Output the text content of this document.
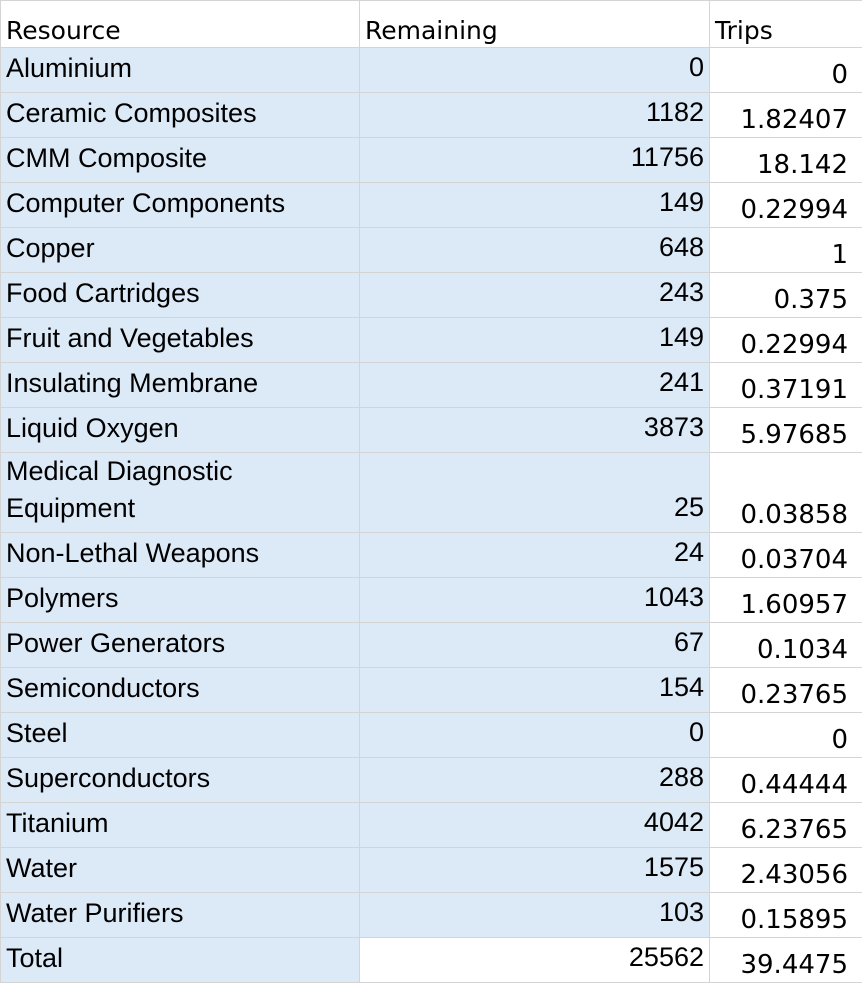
Resource	Remaining	Trips
Aluminium	0	0
Ceramic Composites	1182	1.82407
CMM Composite	11756	18.142
Computer Components	149	0.22994
Copper	648	1
Food Cartridges	243	0.375
Fruit and Vegetables	149	0.22994
Insulating Membrane	241	0.37191
Liquid Oxygen	3873	5.97685
Medical Diagnostic Equipment	25	0.03858
Non-Lethal Weapons	24	0.03704
Polymers	1043	1.60957
Power Generators	67	0.1034
Semiconductors	154	0.23765
Steel	0	0
Superconductors	288	0.44444
Titanium	4042	6.23765
Water	1575	2.43056
Water Purifiers	103	0.15895
Total	25562	39.4475
